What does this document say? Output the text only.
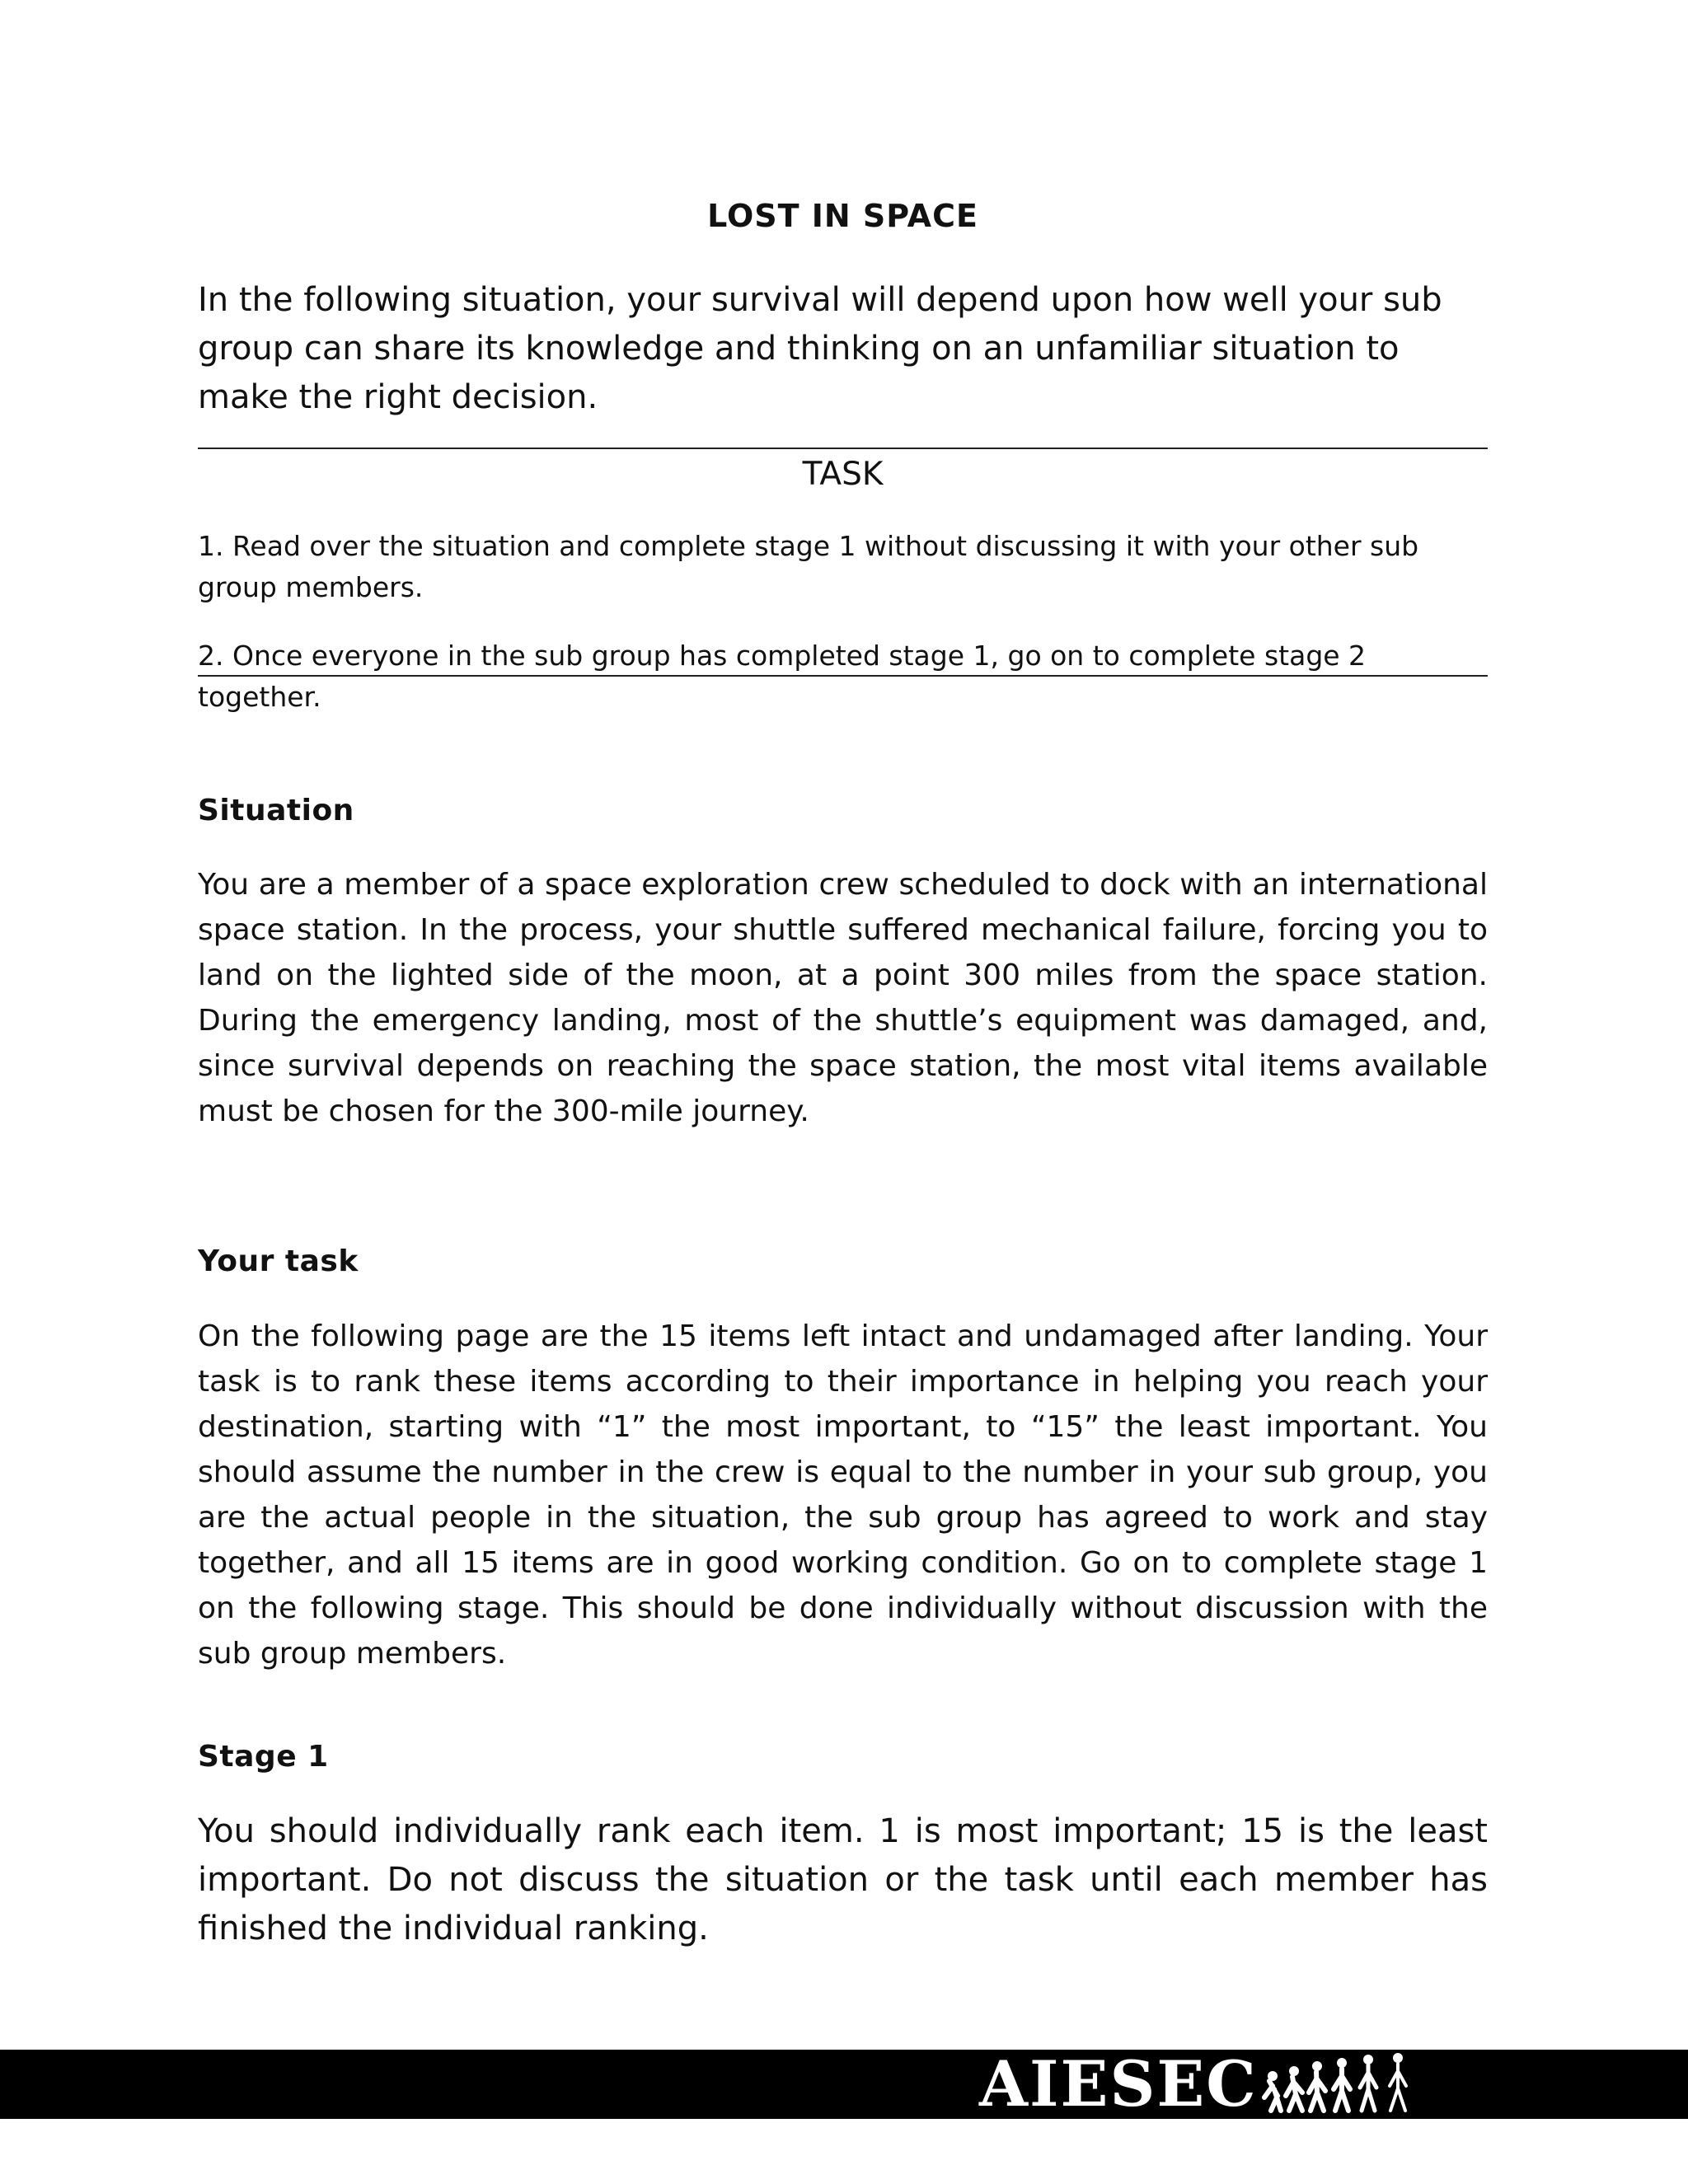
LOST IN SPACE

In the following situation, your survival will depend upon how well your sub group can share its knowledge and thinking on an unfamiliar situation to make the right decision.

TASK

1. Read over the situation and complete stage 1 without discussing it with your other sub group members.

2. Once everyone in the sub group has completed stage 1, go on to complete stage 2 together.

Situation

You are a member of a space exploration crew scheduled to dock with an international space station. In the process, your shuttle suffered mechanical failure, forcing you to land on the lighted side of the moon, at a point 300 miles from the space station. During the emergency landing, most of the shuttle’s equipment was damaged, and, since survival depends on reaching the space station, the most vital items available must be chosen for the 300-mile journey.

Your task

On the following page are the 15 items left intact and undamaged after landing. Your task is to rank these items according to their importance in helping you reach your destination, starting with “1” the most important, to “15” the least important. You should assume the number in the crew is equal to the number in your sub group, you are the actual people in the situation, the sub group has agreed to work and stay together, and all 15 items are in good working condition. Go on to complete stage 1 on the following stage. This should be done individually without discussion with the sub group members.

Stage 1

You should individually rank each item. 1 is most important; 15 is the least important. Do not discuss the situation or the task until each member has finished the individual ranking.

AIESEC
